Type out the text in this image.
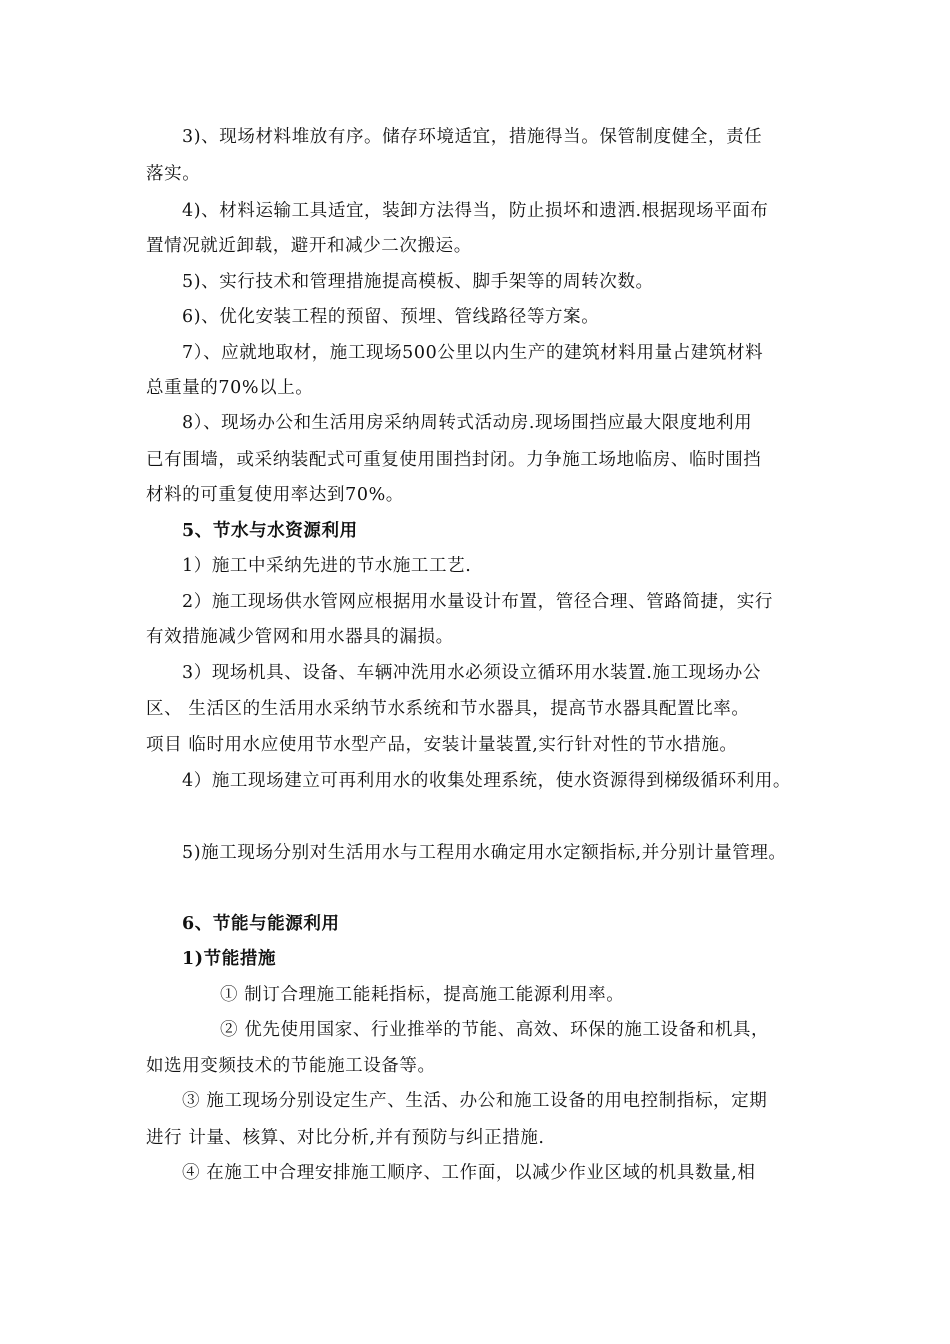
3)、现场材料堆放有序。储存环境适宜，措施得当。保管制度健全，责任
落实。
4)、材料运输工具适宜，装卸方法得当，防止损坏和遗洒.根据现场平面布
置情况就近卸载，避开和减少二次搬运。
5)、实行技术和管理措施提高模板、脚手架等的周转次数。
6)、优化安装工程的预留、预埋、管线路径等方案。
7）、应就地取材，施工现场500公里以内生产的建筑材料用量占建筑材料
总重量的70%以上。
8）、现场办公和生活用房采纳周转式活动房.现场围挡应最大限度地利用
已有围墙，或采纳装配式可重复使用围挡封闭。力争施工场地临房、临时围挡
材料的可重复使用率达到70%。
5、节水与水资源利用
1）施工中采纳先进的节水施工工艺.
2）施工现场供水管网应根据用水量设计布置，管径合理、管路简捷，实行
有效措施减少管网和用水器具的漏损。
3）现场机具、设备、车辆冲洗用水必须设立循环用水装置.施工现场办公
区、 生活区的生活用水采纳节水系统和节水器具，提高节水器具配置比率。
项目 临时用水应使用节水型产品，安装计量装置,实行针对性的节水措施。
4）施工现场建立可再利用水的收集处理系统，使水资源得到梯级循环利用。
5)施工现场分别对生活用水与工程用水确定用水定额指标,并分别计量管理。
6、节能与能源利用
1)节能措施
① 制订合理施工能耗指标，提高施工能源利用率。
② 优先使用国家、行业推举的节能、高效、环保的施工设备和机具，
如选用变频技术的节能施工设备等。
③ 施工现场分别设定生产、生活、办公和施工设备的用电控制指标，定期
进行 计量、核算、对比分析,并有预防与纠正措施.
④ 在施工中合理安排施工顺序、工作面，以减少作业区域的机具数量,相
